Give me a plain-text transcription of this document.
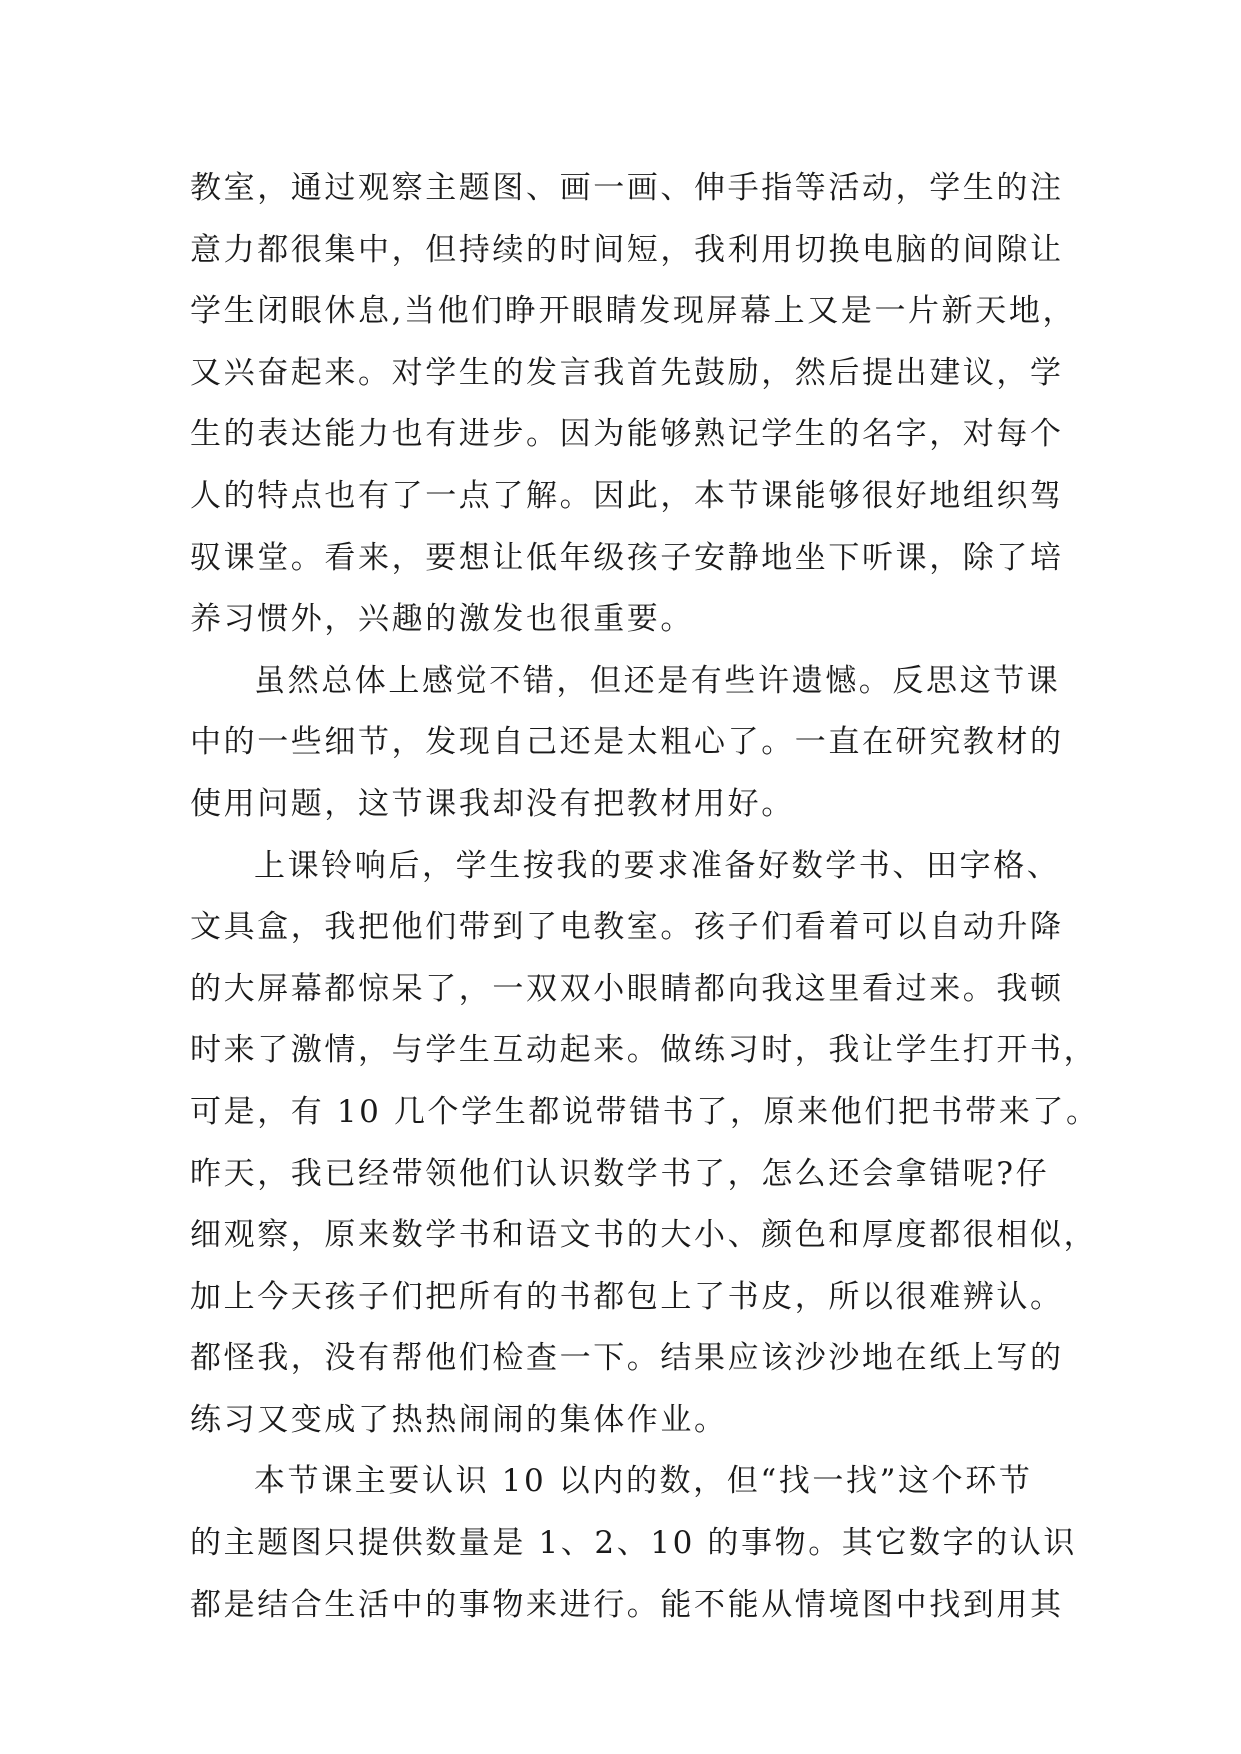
教室，通过观察主题图、画一画、伸手指等活动，学生的注
意力都很集中，但持续的时间短，我利用切换电脑的间隙让
学生闭眼休息,当他们睁开眼睛发现屏幕上又是一片新天地，
又兴奋起来。对学生的发言我首先鼓励，然后提出建议，学
生的表达能力也有进步。因为能够熟记学生的名字，对每个
人的特点也有了一点了解。因此，本节课能够很好地组织驾
驭课堂。看来，要想让低年级孩子安静地坐下听课，除了培
养习惯外，兴趣的激发也很重要。
虽然总体上感觉不错，但还是有些许遗憾。反思这节课
中的一些细节，发现自己还是太粗心了。一直在研究教材的
使用问题，这节课我却没有把教材用好。
上课铃响后，学生按我的要求准备好数学书、田字格、
文具盒，我把他们带到了电教室。孩子们看着可以自动升降
的大屏幕都惊呆了，一双双小眼睛都向我这里看过来。我顿
时来了激情，与学生互动起来。做练习时，我让学生打开书，
可是，有 10 几个学生都说带错书了，原来他们把书带来了。
昨天，我已经带领他们认识数学书了，怎么还会拿错呢?仔
细观察，原来数学书和语文书的大小、颜色和厚度都很相似，
加上今天孩子们把所有的书都包上了书皮，所以很难辨认。
都怪我，没有帮他们检查一下。结果应该沙沙地在纸上写的
练习又变成了热热闹闹的集体作业。
本节课主要认识 10 以内的数，但“找一找”这个环节
的主题图只提供数量是 1、2、10 的事物。其它数字的认识
都是结合生活中的事物来进行。能不能从情境图中找到用其
